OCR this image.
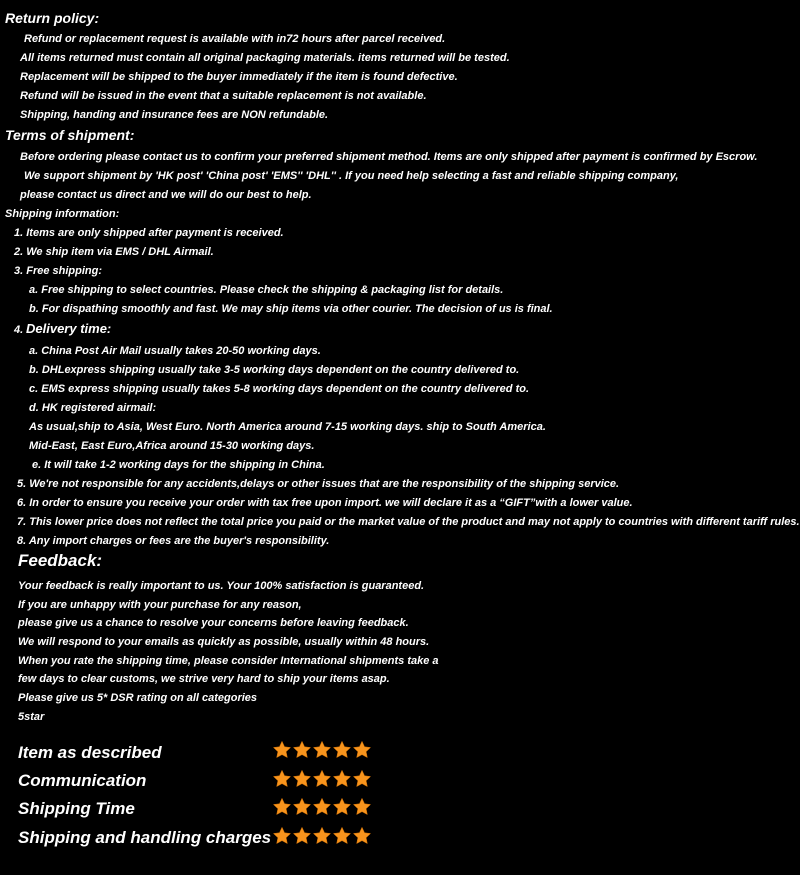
Return policy:
Refund or replacement request is available with in72 hours after parcel received.
All items returned must contain all original packaging materials. items returned will be tested.
Replacement will be shipped to the buyer immediately if the item is found defective.
Refund will be issued in the event that a suitable replacement is not available.
Shipping, handing and insurance fees are NON refundable.
Terms of shipment:
Before ordering please contact us to confirm your preferred shipment method. Items are only shipped after payment is confirmed by Escrow.
We support shipment by 'HK post' 'China post' 'EMS'' 'DHL'' . If you need help selecting a fast and reliable shipping company,
please contact us direct and we will do our best to help.
Shipping information:
1. Items are only shipped after payment is received.
2. We ship item via EMS / DHL Airmail.
3. Free shipping:
a. Free shipping to select countries. Please check the shipping & packaging list for details.
b. For dispathing smoothly and fast. We may ship items via other courier. The decision of us is final.
4. Delivery time:
a. China Post Air Mail usually takes 20-50 working days.
b. DHLexpress shipping usually take 3-5 working days dependent on the country delivered to.
c. EMS express shipping usually takes 5-8 working days dependent on the country delivered to.
d. HK registered airmail:
As usual,ship to Asia, West Euro. North America around 7-15 working days. ship to South America.
Mid-East, East Euro,Africa around 15-30 working days.
e. It will take 1-2 working days for the shipping in China.
5. We're not responsible for any accidents,delays or other issues that are the responsibility of the shipping service.
6. In order to ensure you receive your order with tax free upon import. we will declare it as a “GIFT”with a lower value.
7. This lower price does not reflect the total price you paid or the market value of the product and may not apply to countries with different tariff rules.
8. Any import charges or fees are the buyer's responsibility.
Feedback:
Your feedback is really important to us. Your 100% satisfaction is guaranteed.
If you are unhappy with your purchase for any reason,
please give us a chance to resolve your concerns before leaving feedback.
We will respond to your emails as quickly as possible, usually within 48 hours.
When you rate the shipping time, please consider International shipments take a
few days to clear customs, we strive very hard to ship your items asap.
Please give us 5* DSR rating on all categories
5star
Item as described
Communication
Shipping Time
Shipping and handling charges
